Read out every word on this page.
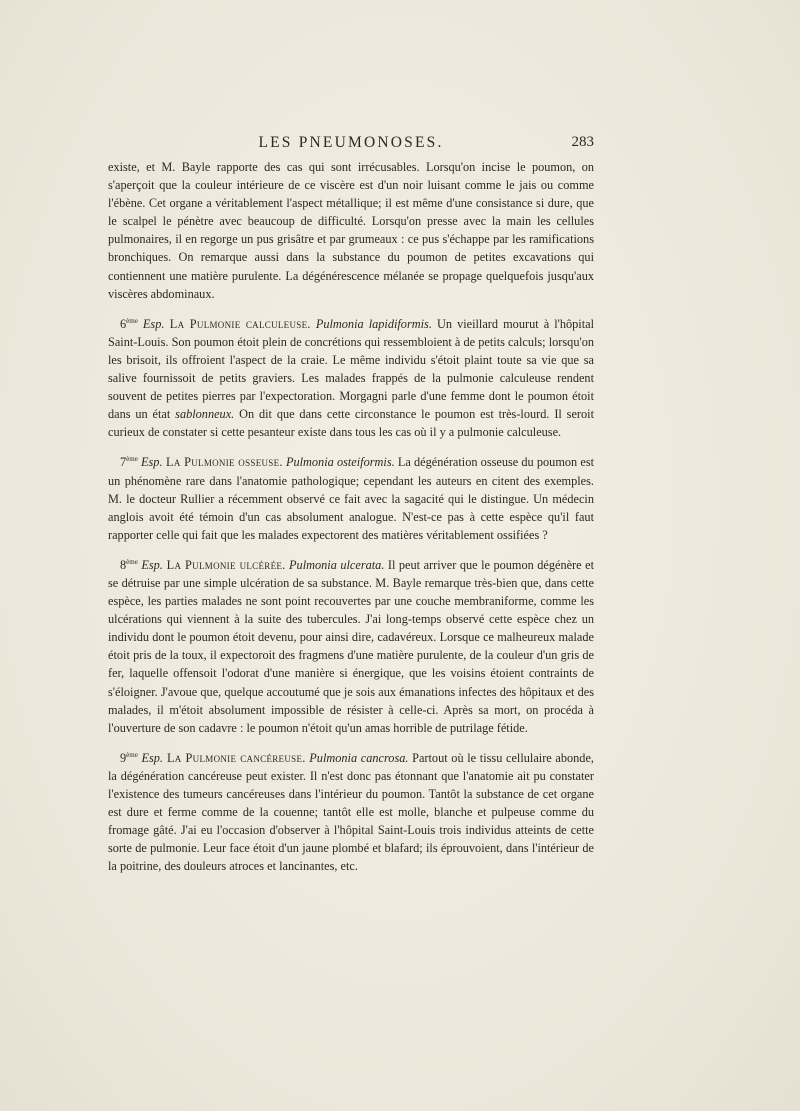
LES PNEUMONOSES.	283

existe, et M. Bayle rapporte des cas qui sont irrécusables. Lorsqu'on incise le poumon, on s'aperçoit que la couleur intérieure de ce viscère est d'un noir luisant comme le jais ou comme l'ébène. Cet organe a véritablement l'aspect métallique; il est même d'une consistance si dure, que le scalpel le pénètre avec beaucoup de difficulté. Lorsqu'on presse avec la main les cellules pulmonaires, il en regorge un pus grisâtre et par grumeaux : ce pus s'échappe par les ramifications bronchiques. On remarque aussi dans la substance du poumon de petites excavations qui contiennent une matière purulente. La dégénérescence mélanée se propage quelquefois jusqu'aux viscères abdominaux.

6ème Esp. La Pulmonie calculeuse. Pulmonia lapidiformis. Un vieillard mourut à l'hôpital Saint-Louis. Son poumon étoit plein de concrétions qui ressembloient à de petits calculs; lorsqu'on les brisoit, ils offroient l'aspect de la craie. Le même individu s'étoit plaint toute sa vie que sa salive fournissoit de petits graviers. Les malades frappés de la pulmonie calculeuse rendent souvent de petites pierres par l'expectoration. Morgagni parle d'une femme dont le poumon étoit dans un état sablonneux. On dit que dans cette circonstance le poumon est très-lourd. Il seroit curieux de constater si cette pesanteur existe dans tous les cas où il y a pulmonie calculeuse.

7ème Esp. La Pulmonie osseuse. Pulmonia osteiformis. La dégénération osseuse du poumon est un phénomène rare dans l'anatomie pathologique; cependant les auteurs en citent des exemples. M. le docteur Rullier a récemment observé ce fait avec la sagacité qui le distingue. Un médecin anglois avoit été témoin d'un cas absolument analogue. N'est-ce pas à cette espèce qu'il faut rapporter celle qui fait que les malades expectorent des matières véritablement ossifiées ?

8ème Esp. La Pulmonie ulcérée. Pulmonia ulcerata. Il peut arriver que le poumon dégénère et se détruise par une simple ulcération de sa substance. M. Bayle remarque très-bien que, dans cette espèce, les parties malades ne sont point recouvertes par une couche membraniforme, comme les ulcérations qui viennent à la suite des tubercules. J'ai long-temps observé cette espèce chez un individu dont le poumon étoit devenu, pour ainsi dire, cadavéreux. Lorsque ce malheureux malade étoit pris de la toux, il expectoroit des fragmens d'une matière purulente, de la couleur d'un gris de fer, laquelle offensoit l'odorat d'une manière si énergique, que les voisins étoient contraints de s'éloigner. J'avoue que, quelque accoutumé que je sois aux émanations infectes des hôpitaux et des malades, il m'étoit absolument impossible de résister à celle-ci. Après sa mort, on procéda à l'ouverture de son cadavre : le poumon n'étoit qu'un amas horrible de putrilage fétide.

9ème Esp. La Pulmonie cancéreuse. Pulmonia cancrosa. Partout où le tissu cellulaire abonde, la dégénération cancéreuse peut exister. Il n'est donc pas étonnant que l'anatomie ait pu constater l'existence des tumeurs cancéreuses dans l'intérieur du poumon. Tantôt la substance de cet organe est dure et ferme comme de la couenne; tantôt elle est molle, blanche et pulpeuse comme du fromage gâté. J'ai eu l'occasion d'observer à l'hôpital Saint-Louis trois individus atteints de cette sorte de pulmonie. Leur face étoit d'un jaune plombé et blafard; ils éprouvoient, dans l'intérieur de la poitrine, des douleurs atroces et lancinantes, etc.
